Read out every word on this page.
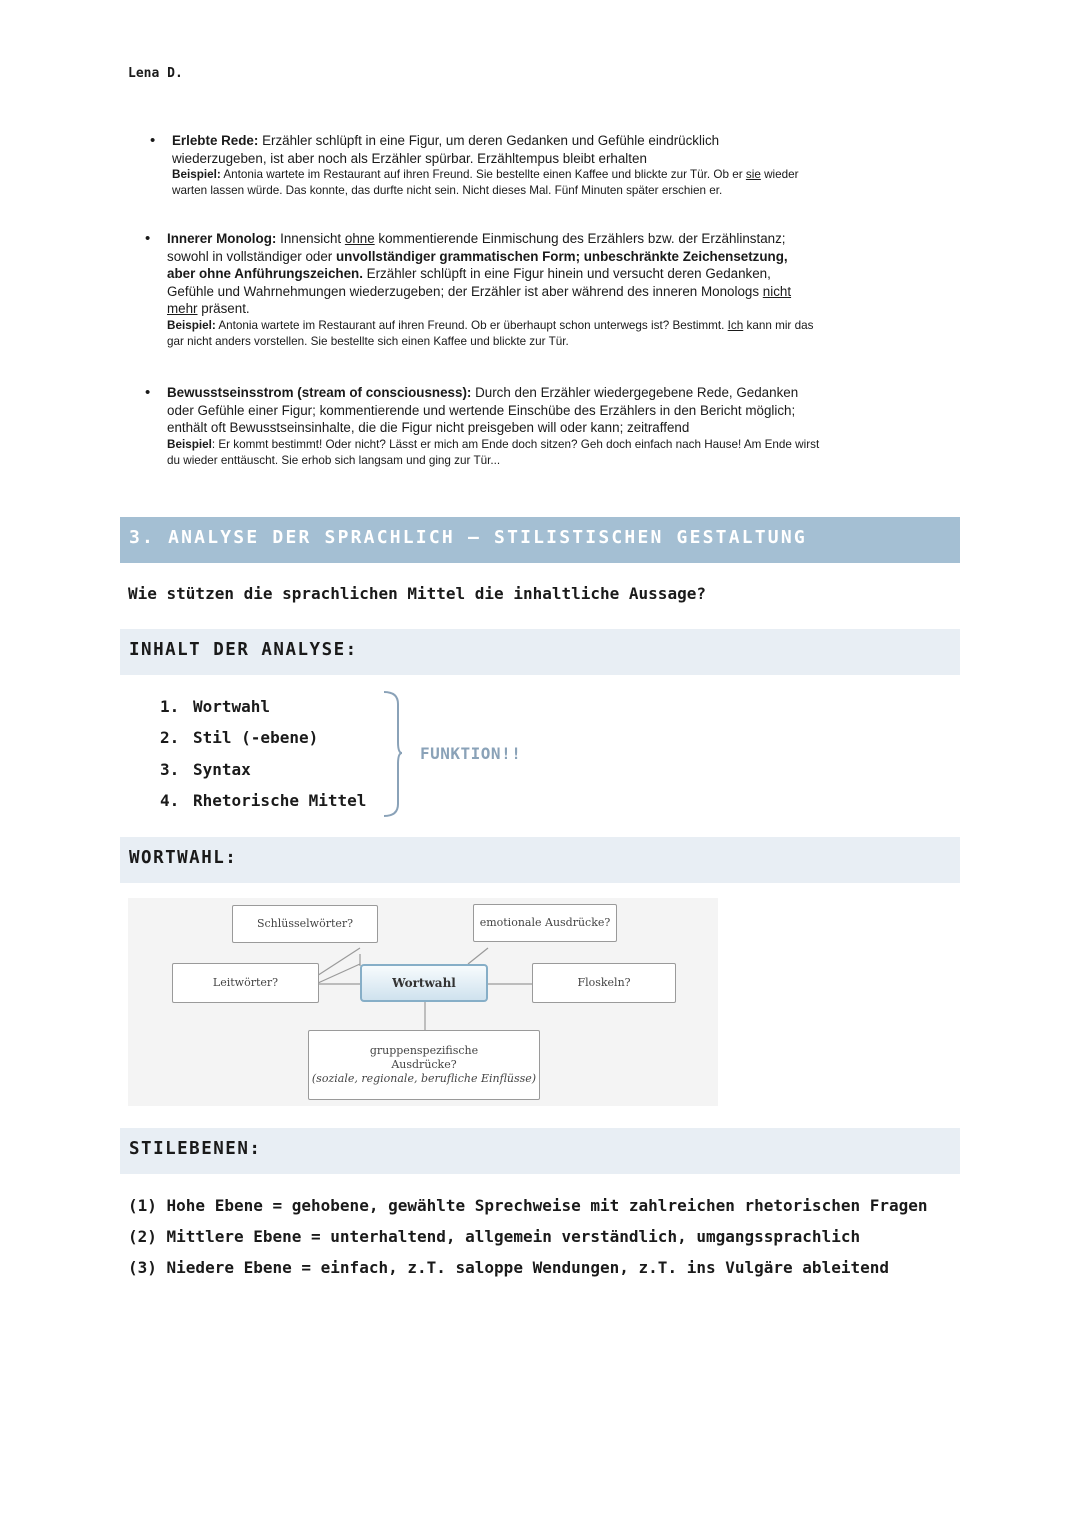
Lena D.
• Erlebte Rede: Erzähler schlüpft in eine Figur, um deren Gedanken und Gefühle eindrücklich wiederzugeben, ist aber noch als Erzähler spürbar. Erzähltempus bleibt erhalten

Beispiel: Antonia wartete im Restaurant auf ihren Freund. Sie bestellte einen Kaffee und blickte zur Tür. Ob er sie wieder warten lassen würde. Das konnte, das durfte nicht sein. Nicht dieses Mal. Fünf Minuten später erschien er.

• Innerer Monolog: Innensicht ohne kommentierende Einmischung des Erzählers bzw. der Erzählinstanz; sowohl in vollständiger oder unvollständiger grammatischen Form; unbeschränkte Zeichensetzung, aber ohne Anführungszeichen. Erzähler schlüpft in eine Figur hinein und versucht deren Gedanken, Gefühle und Wahrnehmungen wiederzugeben; der Erzähler ist aber während des inneren Monologs nicht mehr präsent.

Beispiel: Antonia wartete im Restaurant auf ihren Freund. Ob er überhaupt schon unterwegs ist? Bestimmt. Ich kann mir das gar nicht anders vorstellen. Sie bestellte sich einen Kaffee und blickte zur Tür.

• Bewusstseinsstrom (stream of consciousness): Durch den Erzähler wiedergegebene Rede, Gedanken oder Gefühle einer Figur; kommentierende und wertende Einschübe des Erzählers in den Bericht möglich; enthält oft Bewusstseinsinhalte, die die Figur nicht preisgeben will oder kann; zeitraffend

Beispiel: Er kommt bestimmt! Oder nicht? Lässt er mich am Ende doch sitzen? Geh doch einfach nach Hause! Am Ende wirst du wieder enttäuscht. Sie erhob sich langsam und ging zur Tür...

3. ANALYSE DER SPRACHLICH – STILISTISCHEN GESTALTUNG
Wie stützen die sprachlichen Mittel die inhaltliche Aussage?
INHALT DER ANALYSE:
1. Wortwahl
2. Stil (-ebene)
3. Syntax
4. Rhetorische Mittel
FUNKTION!!
WORTWAHL:
Schlüsselwörter?	emotionale Ausdrücke?
Leitwörter?	Wortwahl	Floskeln?
gruppenspezifische
Ausdrücke?
(soziale, regionale, berufliche Einflüsse)
STILEBENEN:
(1) Hohe Ebene = gehobene, gewählte Sprechweise mit zahlreichen rhetorischen Fragen
(2) Mittlere Ebene = unterhaltend, allgemein verständlich, umgangssprachlich
(3) Niedere Ebene = einfach, z.T. saloppe Wendungen, z.T. ins Vulgäre ableitend
